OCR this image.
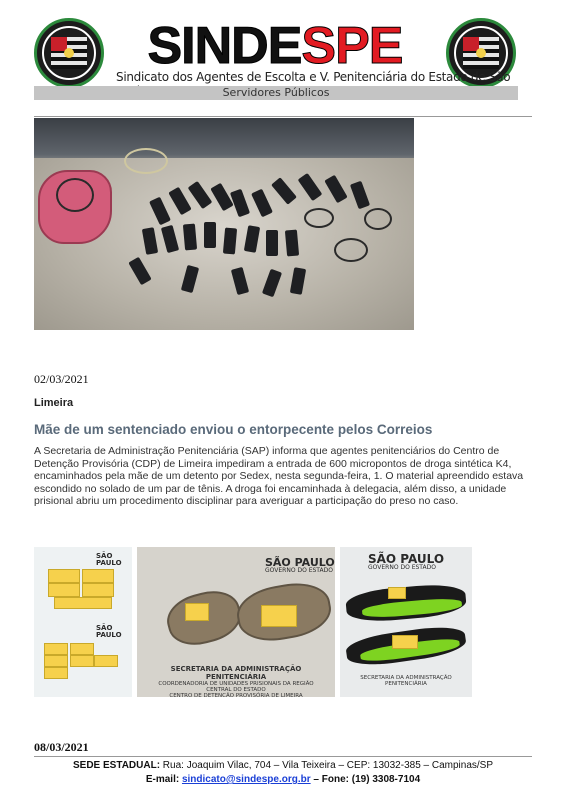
SINDESPE
Sindicato dos Agentes de Escolta e V. Penitenciária do Estado de São
Servidores Públicos
02/03/2021
Limeira
Mãe de um sentenciado enviou o entorpecente pelos Correios
A Secretaria de Administração Penitenciária (SAP) informa que agentes penitenciários do Centro de Detenção Provisória (CDP) de Limeira impediram a entrada de 600 micropontos de droga sintética K4, encaminhados pela mãe de um detento por Sedex, nesta segunda-feira, 1. O material apreendido estava escondido no solado de um par de tênis. A droga foi encaminhada à delegacia, além disso, a unidade prisional abriu um procedimento disciplinar para averiguar a participação do preso no caso.
SÃO PAULO
SÃO PAULO
SÃO PAULO
GOVERNO DO ESTADO
SECRETARIA DA ADMINISTRAÇÃO PENITENCIÁRIA
COORDENADORIA DE UNIDADES PRISIONAIS DA REGIÃO CENTRAL DO ESTADO
CENTRO DE DETENÇÃO PROVISÓRIA DE LIMEIRA
SÃO PAULO
GOVERNO DO ESTADO
SECRETARIA DA ADMINISTRAÇÃO PENITENCIÁRIA
08/03/2021
SEDE ESTADUAL: Rua: Joaquim Vilac, 704 – Vila Teixeira – CEP: 13032-385 – Campinas/SP
E-mail: sindicato@sindespe.org.br – Fone: (19) 3308-7104
